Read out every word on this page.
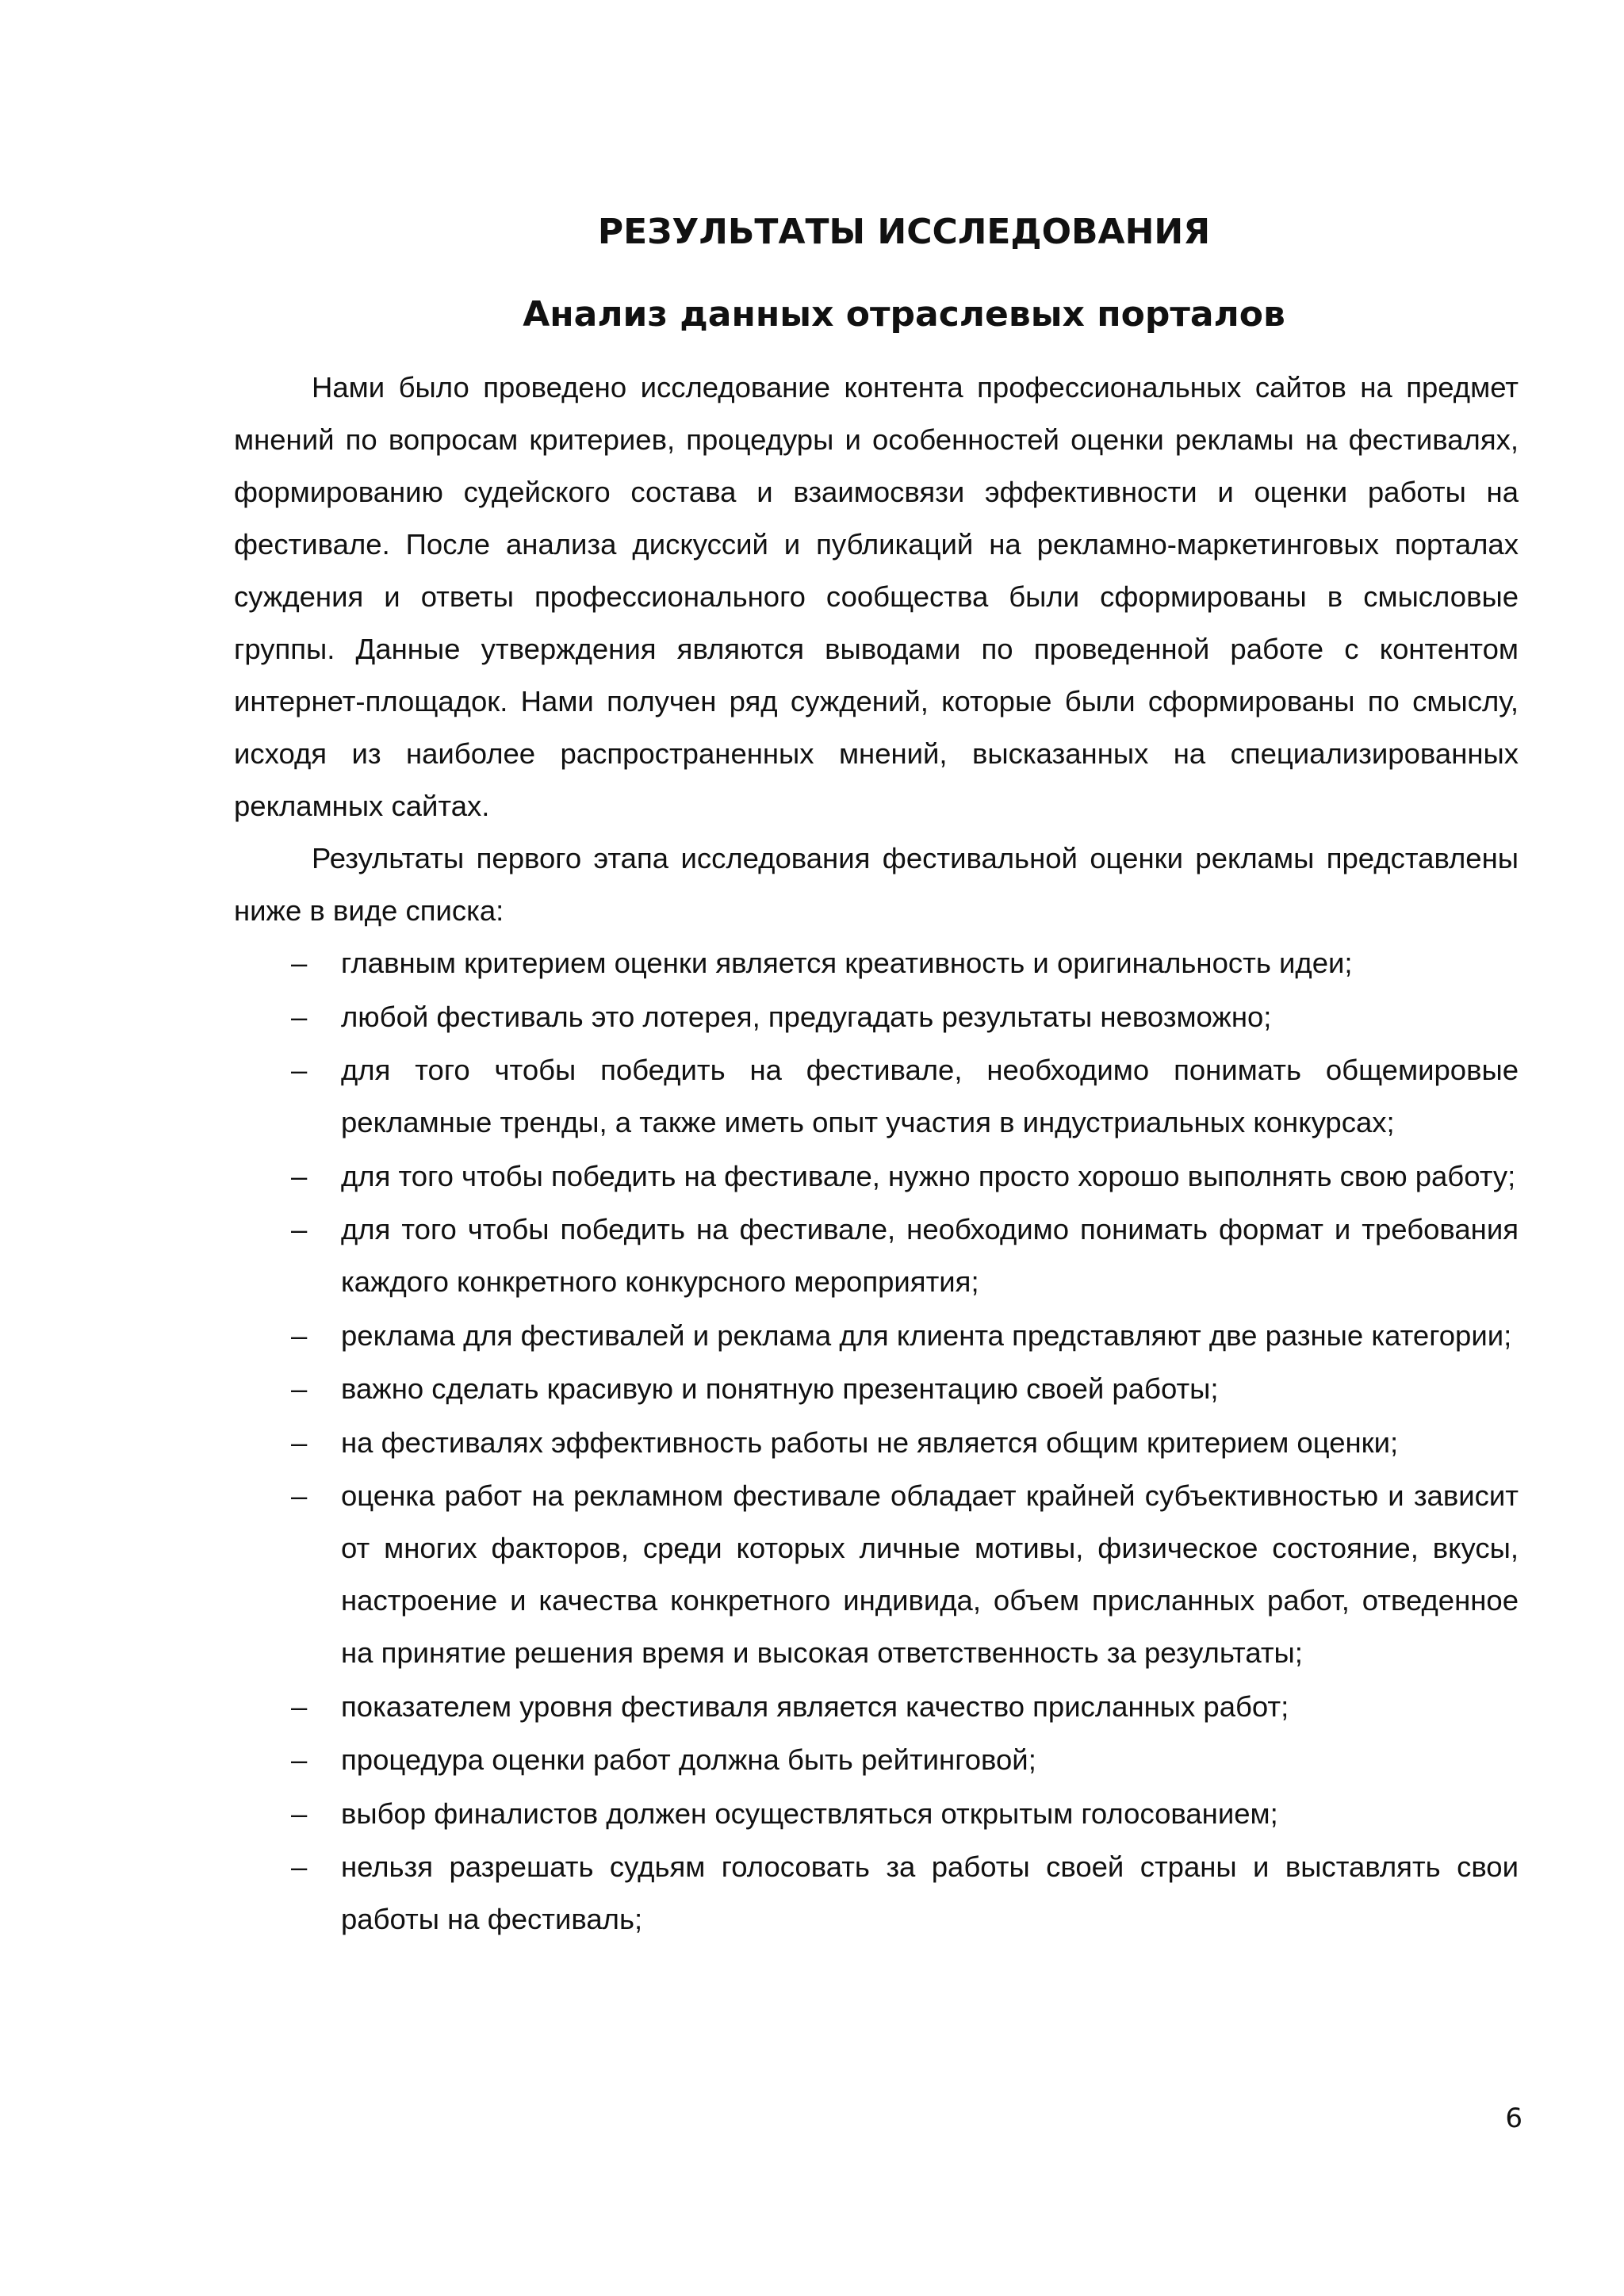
РЕЗУЛЬТАТЫ ИССЛЕДОВАНИЯ
Анализ данных отраслевых порталов

Нами было проведено исследование контента профессиональных сайтов на предмет мнений по вопросам критериев, процедуры и особенностей оценки рекламы на фестивалях, формированию судейского состава и взаимосвязи эффективности и оценки работы на фестивале. После анализа дискуссий и публикаций на рекламно-маркетинговых порталах суждения и ответы профессионального сообщества были сформированы в смысловые группы. Данные утверждения являются выводами по проведенной работе с контентом интернет-площадок. Нами получен ряд суждений, которые были сформированы по смыслу, исходя из наиболее распространенных мнений, высказанных на специализированных рекламных сайтах.

Результаты первого этапа исследования фестивальной оценки рекламы представлены ниже в виде списка:

– главным критерием оценки является креативность и оригинальность идеи;
– любой фестиваль это лотерея, предугадать результаты невозможно;
– для того чтобы победить на фестивале, необходимо понимать общемировые рекламные тренды, а также иметь опыт участия в индустриальных конкурсах;
– для того чтобы победить на фестивале, нужно просто хорошо выполнять свою работу;
– для того чтобы победить на фестивале, необходимо понимать формат и требования каждого конкретного конкурсного мероприятия;
– реклама для фестивалей и реклама для клиента представляют две разные категории;
– важно сделать красивую и понятную презентацию своей работы;
– на фестивалях эффективность работы не является общим критерием оценки;
– оценка работ на рекламном фестивале обладает крайней субъективностью и зависит от многих факторов, среди которых личные мотивы, физическое состояние, вкусы, настроение и качества конкретного индивида, объем присланных работ, отведенное на принятие решения время и высокая ответственность за результаты;
– показателем уровня фестиваля является качество присланных работ;
– процедура оценки работ должна быть рейтинговой;
– выбор финалистов должен осуществляться открытым голосованием;
– нельзя разрешать судьям голосовать за работы своей страны и выставлять свои работы на фестиваль;
6
